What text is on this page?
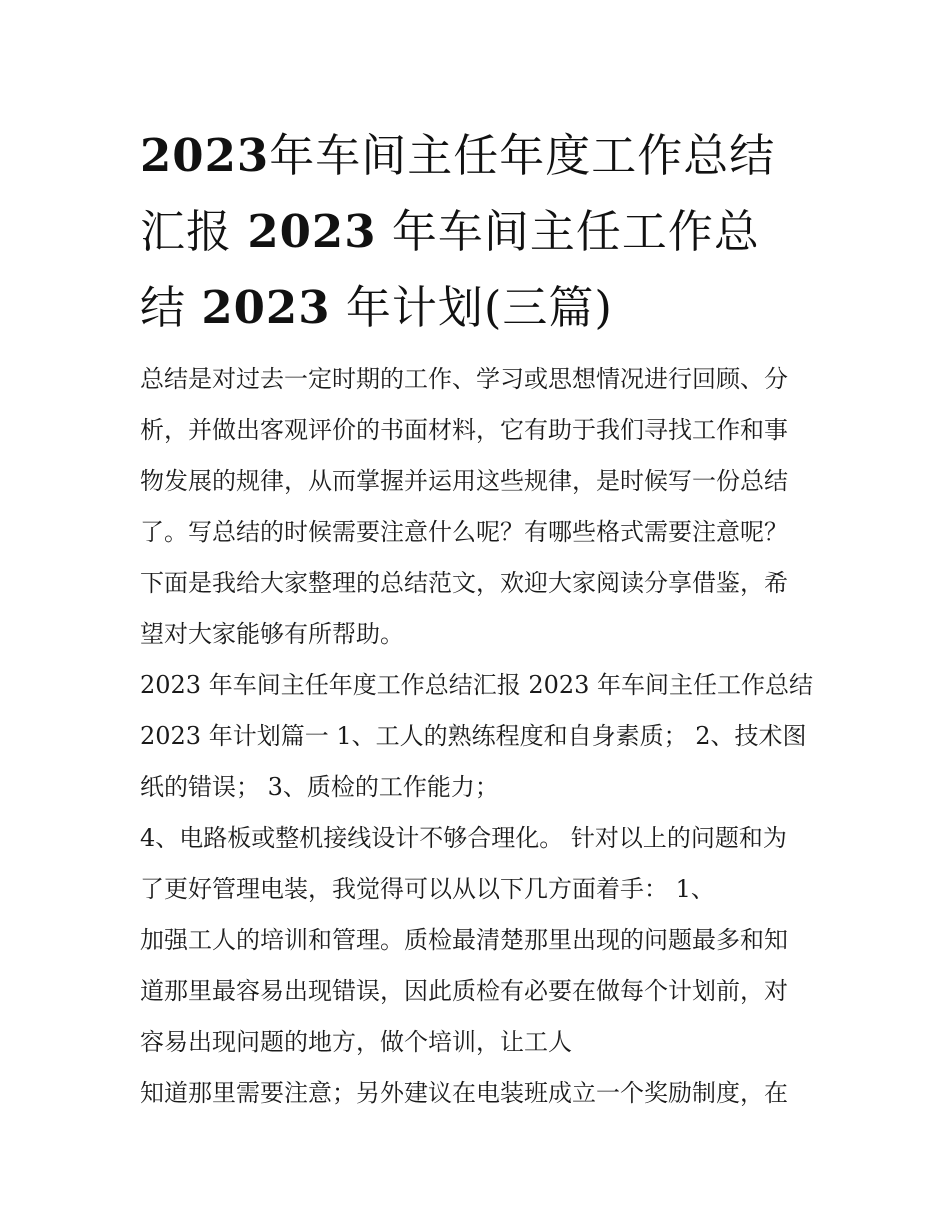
2023年车间主任年度工作总结
汇报 2023 年车间主任工作总
结 2023 年计划(三篇)
总结是对过去一定时期的工作、学习或思想情况进行回顾、分
析，并做出客观评价的书面材料，它有助于我们寻找工作和事
物发展的规律，从而掌握并运用这些规律，是时候写一份总结
了。写总结的时候需要注意什么呢？有哪些格式需要注意呢？
下面是我给大家整理的总结范文，欢迎大家阅读分享借鉴，希
望对大家能够有所帮助。
2023 年车间主任年度工作总结汇报 2023 年车间主任工作总结
2023 年计划篇一 1、工人的熟练程度和自身素质； 2、技术图
纸的错误； 3、质检的工作能力；
4、电路板或整机接线设计不够合理化。 针对以上的问题和为
了更好管理电装，我觉得可以从以下几方面着手： 1、
加强工人的培训和管理。质检最清楚那里出现的问题最多和知
道那里最容易出现错误，因此质检有必要在做每个计划前，对
容易出现问题的地方，做个培训，让工人
知道那里需要注意；另外建议在电装班成立一个奖励制度，在
